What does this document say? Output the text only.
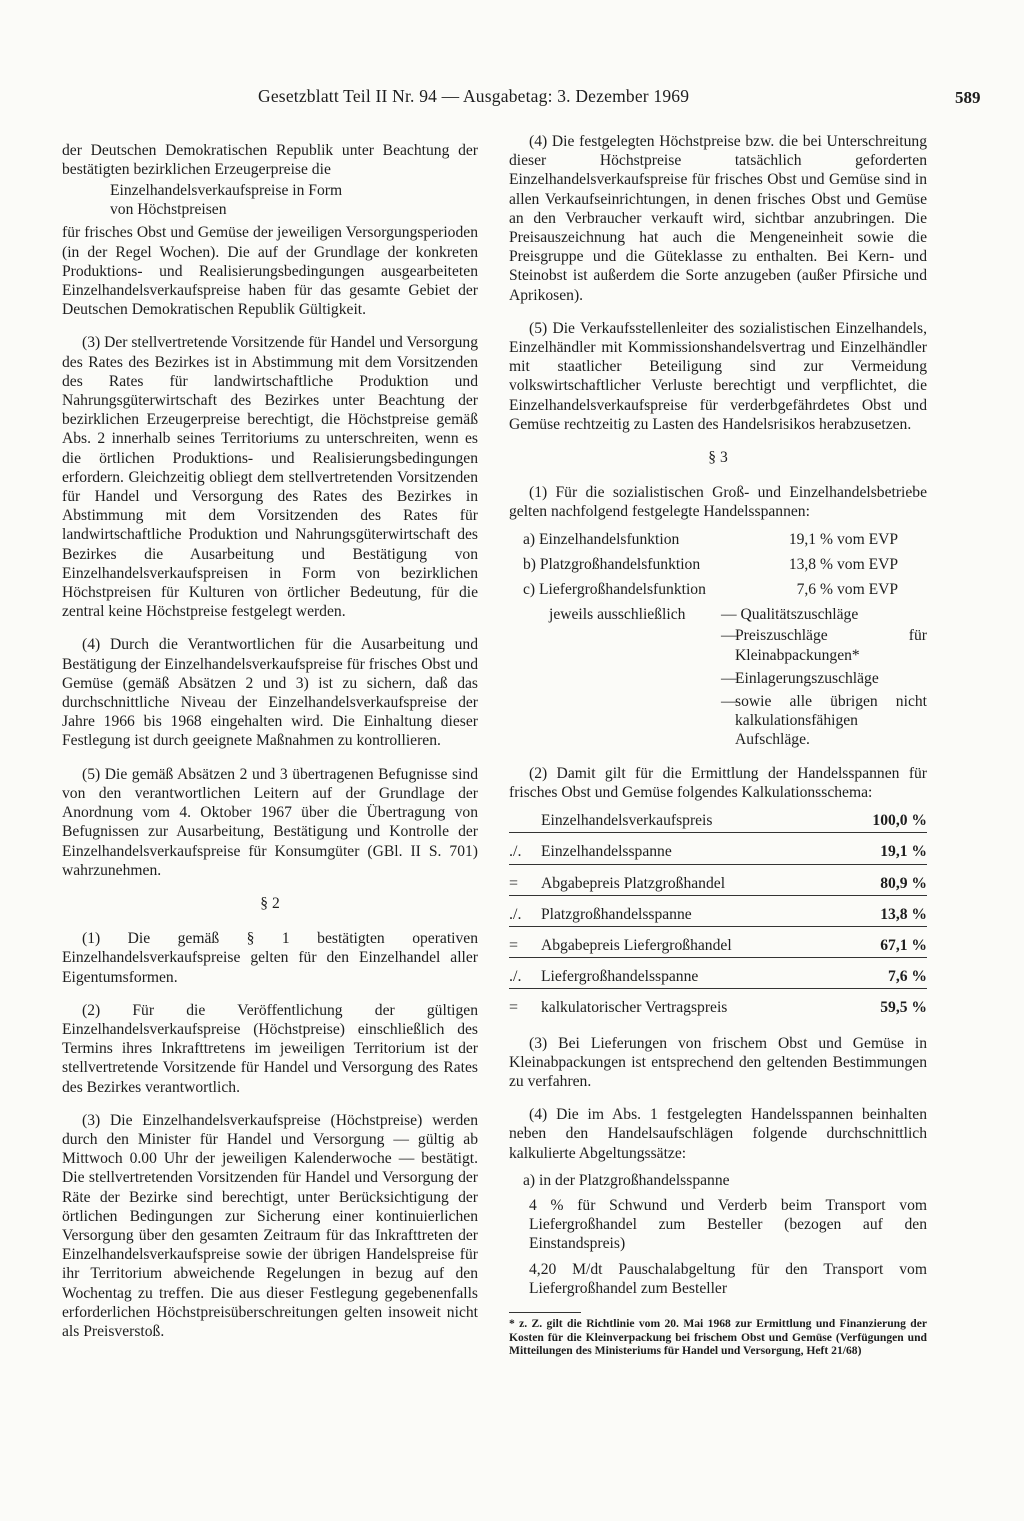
Gesetzblatt Teil II Nr. 94 — Ausgabetag: 3. Dezember 1969	589

der Deutschen Demokratischen Republik unter Beachtung der bestätigten bezirklichen Erzeugerpreise die

Einzelhandelsverkaufspreise in Form
von Höchstpreisen

für frisches Obst und Gemüse der jeweiligen Versorgungsperioden (in der Regel Wochen). Die auf der Grundlage der konkreten Produktions- und Realisierungsbedingungen ausgearbeiteten Einzelhandelsverkaufspreise haben für das gesamte Gebiet der Deutschen Demokratischen Republik Gültigkeit.

(3) Der stellvertretende Vorsitzende für Handel und Versorgung des Rates des Bezirkes ist in Abstimmung mit dem Vorsitzenden des Rates für landwirtschaftliche Produktion und Nahrungsgüterwirtschaft des Bezirkes unter Beachtung der bezirklichen Erzeugerpreise berechtigt, die Höchstpreise gemäß Abs. 2 innerhalb seines Territoriums zu unterschreiten, wenn es die örtlichen Produktions- und Realisierungsbedingungen erfordern. Gleichzeitig obliegt dem stellvertretenden Vorsitzenden für Handel und Versorgung des Rates des Bezirkes in Abstimmung mit dem Vorsitzenden des Rates für landwirtschaftliche Produktion und Nahrungsgüterwirtschaft des Bezirkes die Ausarbeitung und Bestätigung von Einzelhandelsverkaufspreisen in Form von bezirklichen Höchstpreisen für Kulturen von örtlicher Bedeutung, für die zentral keine Höchstpreise festgelegt werden.

(4) Durch die Verantwortlichen für die Ausarbeitung und Bestätigung der Einzelhandelsverkaufspreise für frisches Obst und Gemüse (gemäß Absätzen 2 und 3) ist zu sichern, daß das durchschnittliche Niveau der Einzelhandelsverkaufspreise der Jahre 1966 bis 1968 eingehalten wird. Die Einhaltung dieser Festlegung ist durch geeignete Maßnahmen zu kontrollieren.

(5) Die gemäß Absätzen 2 und 3 übertragenen Befugnisse sind von den verantwortlichen Leitern auf der Grundlage der Anordnung vom 4. Oktober 1967 über die Übertragung von Befugnissen zur Ausarbeitung, Bestätigung und Kontrolle der Einzelhandelsverkaufspreise für Konsumgüter (GBl. II S. 701) wahrzunehmen.

§ 2

(1) Die gemäß § 1 bestätigten operativen Einzelhandelsverkaufspreise gelten für den Einzelhandel aller Eigentumsformen.

(2) Für die Veröffentlichung der gültigen Einzelhandelsverkaufspreise (Höchstpreise) einschließlich des Termins ihres Inkrafttretens im jeweiligen Territorium ist der stellvertretende Vorsitzende für Handel und Versorgung des Rates des Bezirkes verantwortlich.

(3) Die Einzelhandelsverkaufspreise (Höchstpreise) werden durch den Minister für Handel und Versorgung — gültig ab Mittwoch 0.00 Uhr der jeweiligen Kalenderwoche — bestätigt. Die stellvertretenden Vorsitzenden für Handel und Versorgung der Räte der Bezirke sind berechtigt, unter Berücksichtigung der örtlichen Bedingungen zur Sicherung einer kontinuierlichen Versorgung über den gesamten Zeitraum für das Inkrafttreten der Einzelhandelsverkaufspreise sowie der übrigen Handelspreise für ihr Territorium abweichende Regelungen in bezug auf den Wochentag zu treffen. Die aus dieser Festlegung gegebenenfalls erforderlichen Höchstpreisüberschreitungen gelten insoweit nicht als Preisverstoß.

(4) Die festgelegten Höchstpreise bzw. die bei Unterschreitung dieser Höchstpreise tatsächlich geforderten Einzelhandelsverkaufspreise für frisches Obst und Gemüse sind in allen Verkaufseinrichtungen, in denen frisches Obst und Gemüse an den Verbraucher verkauft wird, sichtbar anzubringen. Die Preisauszeichnung hat auch die Mengeneinheit sowie die Preisgruppe und die Güteklasse zu enthalten. Bei Kern- und Steinobst ist außerdem die Sorte anzugeben (außer Pfirsiche und Aprikosen).

(5) Die Verkaufsstellenleiter des sozialistischen Einzelhandels, Einzelhändler mit Kommissionshandelsvertrag und Einzelhändler mit staatlicher Beteiligung sind zur Vermeidung volkswirtschaftlicher Verluste berechtigt und verpflichtet, die Einzelhandelsverkaufspreise für verderbgefährdetes Obst und Gemüse rechtzeitig zu Lasten des Handelsrisikos herabzusetzen.

§ 3

(1) Für die sozialistischen Groß- und Einzelhandelsbetriebe gelten nachfolgend festgelegte Handelsspannen:

a) Einzelhandelsfunktion	19,1 % vom EVP
b) Platzgroßhandelsfunktion	13,8 % vom EVP
c) Liefergroßhandelsfunktion	7,6 % vom EVP
jeweils ausschließlich	— Qualitätszuschläge
—
Preiszuschläge für Kleinabpackungen*
—
Einlagerungszuschläge
—
sowie alle übrigen nicht kalkulationsfähigen Aufschläge.

(2) Damit gilt für die Ermittlung der Handelsspannen für frisches Obst und Gemüse folgendes Kalkulationsschema:

Einzelhandelsverkaufspreis	100,0 %
./.	Einzelhandelsspanne	19,1 %
=	Abgabepreis Platzgroßhandel	80,9 %
./.	Platzgroßhandelsspanne	13,8 %
=	Abgabepreis Liefergroßhandel	67,1 %
./.	Liefergroßhandelsspanne	7,6 %
=	kalkulatorischer Vertragspreis	59,5 %

(3) Bei Lieferungen von frischem Obst und Gemüse in Kleinabpackungen ist entsprechend den geltenden Bestimmungen zu verfahren.

(4) Die im Abs. 1 festgelegten Handelsspannen beinhalten neben den Handelsaufschlägen folgende durchschnittlich kalkulierte Abgeltungssätze:

a) in der Platzgroßhandelsspanne
4 % für Schwund und Verderb beim Transport vom Liefergroßhandel zum Besteller (bezogen auf den Einstandspreis)
4,20 M/dt Pauschalabgeltung für den Transport vom Liefergroßhandel zum Besteller

* z. Z. gilt die Richtlinie vom 20. Mai 1968 zur Ermittlung und Finanzierung der Kosten für die Kleinverpackung bei frischem Obst und Gemüse (Verfügungen und Mitteilungen des Ministeriums für Handel und Versorgung, Heft 21/68)
